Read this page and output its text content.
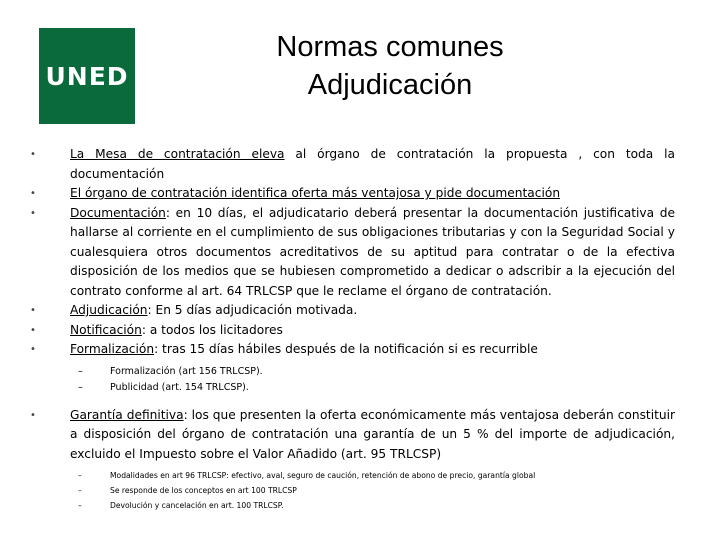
UNED
Normas comunes
Adjudicación
•	La Mesa de contratación eleva al órgano de contratación la propuesta , con toda la documentación
•	El órgano de contratación identifica oferta más ventajosa y pide documentación
•	Documentación: en 10 días, el adjudicatario deberá presentar la documentación justificativa de hallarse al corriente en el cumplimiento de sus obligaciones tributarias y con la Seguridad Social y cualesquiera otros documentos acreditativos de su aptitud para contratar o de la efectiva disposición de los medios que se hubiesen comprometido a dedicar o adscribir a la ejecución del contrato conforme al art. 64 TRLCSP que le reclame el órgano de contratación.
•	Adjudicación: En 5 días adjudicación motivada.
•	Notificación: a todos los licitadores
•	Formalización: tras 15 días hábiles después de la notificación si es recurrible
–	Formalización (art 156 TRLCSP).
–	Publicidad (art. 154 TRLCSP).
•	Garantía definitiva: los que presenten la oferta económicamente más ventajosa deberán constituir a disposición del órgano de contratación una garantía de un 5 % del importe de adjudicación, excluido el Impuesto sobre el Valor Añadido (art. 95 TRLCSP)
–	Modalidades en art 96 TRLCSP: efectivo, aval, seguro de caución, retención de abono de precio, garantía global
–	Se responde de los conceptos en art 100 TRLCSP
–	Devolución y cancelación en art. 100 TRLCSP.
